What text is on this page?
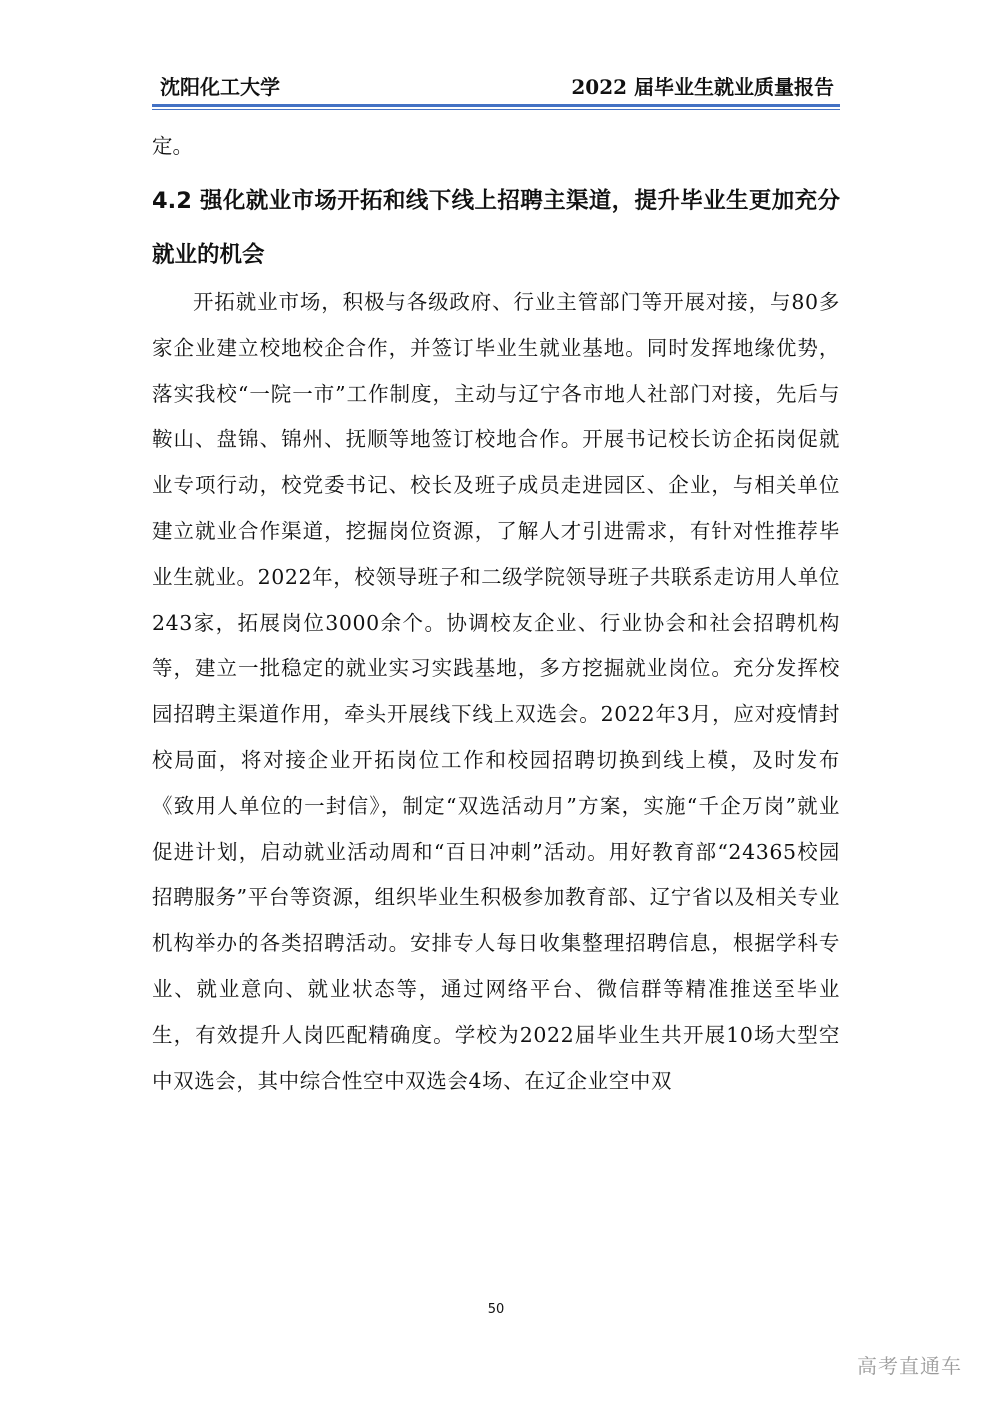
沈阳化工大学	2022 届毕业生就业质量报告

定。

4.2 强化就业市场开拓和线下线上招聘主渠道，提升毕业生更加充分就业的机会

开拓就业市场，积极与各级政府、行业主管部门等开展对接，与80多家企业建立校地校企合作，并签订毕业生就业基地。同时发挥地缘优势，落实我校“一院一市”工作制度，主动与辽宁各市地人社部门对接，先后与鞍山、盘锦、锦州、抚顺等地签订校地合作。开展书记校长访企拓岗促就业专项行动，校党委书记、校长及班子成员走进园区、企业，与相关单位建立就业合作渠道，挖掘岗位资源，了解人才引进需求，有针对性推荐毕业生就业。2022年，校领导班子和二级学院领导班子共联系走访用人单位243家，拓展岗位3000余个。协调校友企业、行业协会和社会招聘机构等，建立一批稳定的就业实习实践基地，多方挖掘就业岗位。充分发挥校园招聘主渠道作用，牵头开展线下线上双选会。2022年3月，应对疫情封校局面，将对接企业开拓岗位工作和校园招聘切换到线上模，及时发布《致用人单位的一封信》，制定“双选活动月”方案，实施“千企万岗”就业促进计划，启动就业活动周和“百日冲刺”活动。用好教育部“24365校园招聘服务”平台等资源，组织毕业生积极参加教育部、辽宁省以及相关专业机构举办的各类招聘活动。安排专人每日收集整理招聘信息，根据学科专业、就业意向、就业状态等，通过网络平台、微信群等精准推送至毕业生，有效提升人岗匹配精确度。学校为2022届毕业生共开展10场大型空中双选会，其中综合性空中双选会4场、在辽企业空中双

50
高考直通车
